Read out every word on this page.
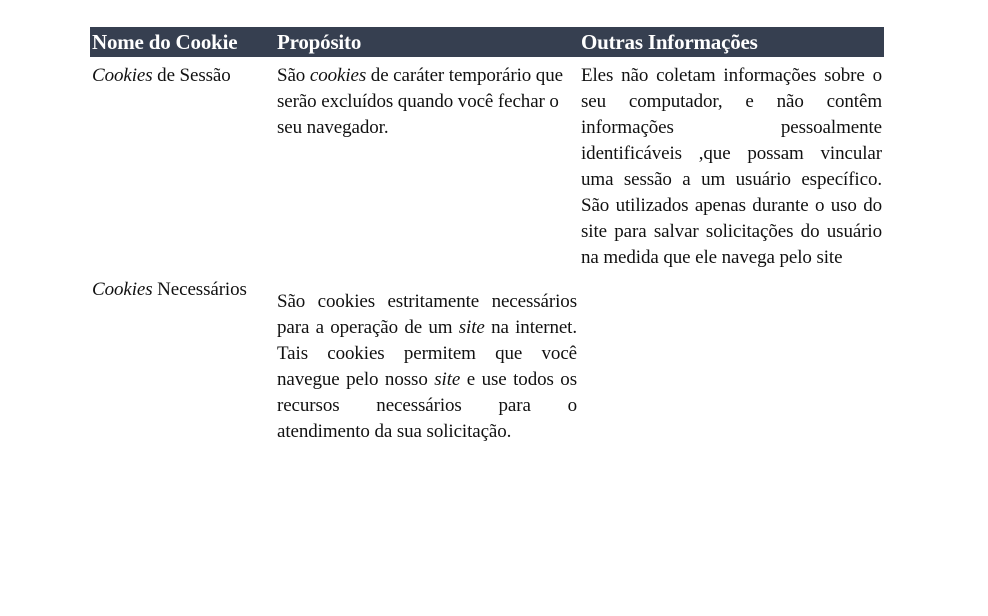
Nome do Cookie	Propósito	Outras Informações
Cookies de Sessão	São cookies de caráter temporário que serão excluídos quando você fechar o seu navegador.	Eles não coletam informações sobre o seu computador, e não contêm informações pessoalmente identificáveis ,que possam vincular uma sessão a um usuário específico. São utilizados apenas durante o uso do site para salvar solicitações do usuário na medida que ele navega pelo site
Cookies Necessários	São cookies estritamente necessários para a operação de um site na internet. Tais cookies permitem que você navegue pelo nosso site e use todos os recursos necessários para o atendimento da sua solicitação.	
